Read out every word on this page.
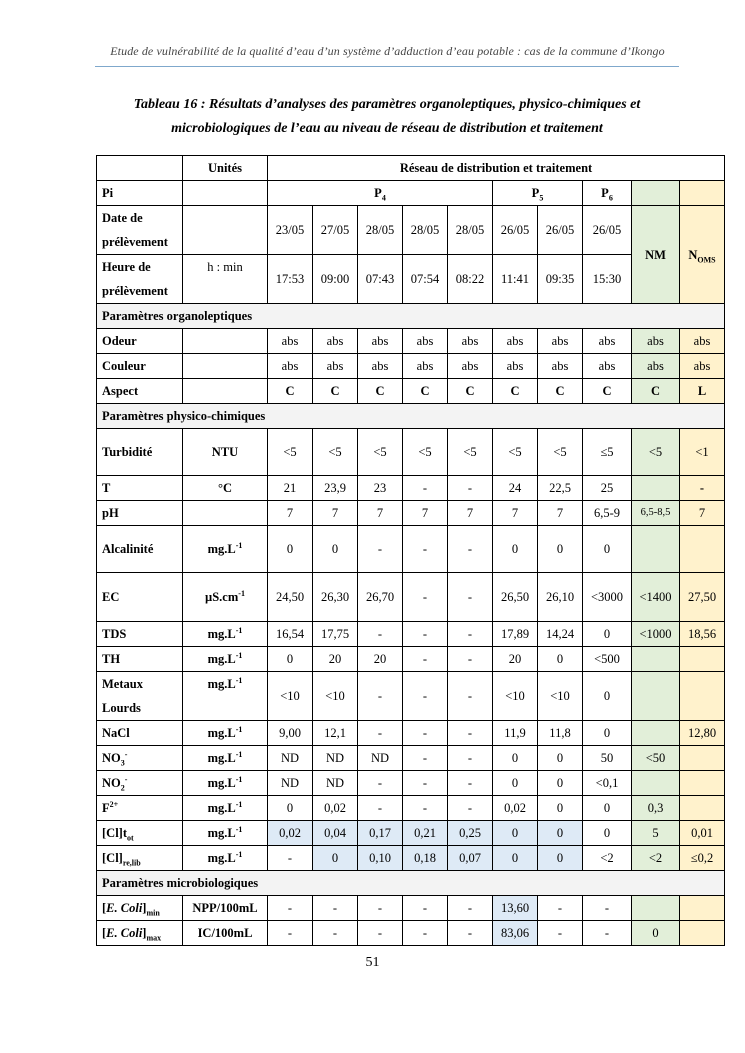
Etude de vulnérabilité de la qualité d’eau d’un système d’adduction d’eau potable : cas de la commune d’Ikongo
Tableau 16 : Résultats d’analyses des paramètres organoleptiques, physico-chimiques et
microbiologiques de l’eau au niveau de réseau de distribution et traitement
	Unités	Réseau de distribution et traitement									
Pi		$P_4$					$P_5$		$P_6$		
Date de prélèvement		23/05	27/05	28/05	28/05	28/05	26/05	26/05	26/05	NM	$N_{OMS}$
Heure de prélèvement	h : min	17:53	09:00	07:43	07:54	08:22	11:41	09:35	15:30		
Paramètres organoleptiques											
Odeur		abs	abs	abs	abs	abs	abs	abs	abs	abs	abs
Couleur		abs	abs	abs	abs	abs	abs	abs	abs	abs	abs
Aspect		C	C	C	C	C	C	C	C	C	L
Paramètres physico-chimiques											
Turbidité	NTU	<5	<5	<5	<5	<5	<5	<5	≤5	<5	<1
T	°C	21	23,9	23	-	-	24	22,5	25		-
pH		7	7	7	7	7	7	7	6,5-9	6,5-8,5	7
Alcalinité	$mg.L^{-1}$	0	0	-	-	-	0	0	0		
EC	$\mu S.cm^{-1}$	24,50	26,30	26,70	-	-	26,50	26,10	<3000	<1400	27,50
TDS	$mg.L^{-1}$	16,54	17,75	-	-	-	17,89	14,24	0	<1000	18,56
TH	$mg.L^{-1}$	0	20	20	-	-	20	0	<500		
Metaux Lourds	$mg.L^{-1}$	<10	<10	-	-	-	<10	<10	0		
NaCl	$mg.L^{-1}$	9,00	12,1	-	-	-	11,9	11,8	0		12,80
$NO_3^-$	$mg.L^{-1}$	ND	ND	ND	-	-	0	0	50	<50	
$NO_2^-$	$mg.L^{-1}$	ND	ND	-	-	-	0	0	<0,1		
$F^{2+}$	$mg.L^{-1}$	0	0,02	-	-	-	0,02	0	0	0,3	
$[Cl]t_{ot}$	$mg.L^{-1}$	0,02	0,04	0,17	0,21	0,25	0	0	0	5	0,01
$[Cl]_{re,lib}$	$mg.L^{-1}$	-	0	0,10	0,18	0,07	0	0	<2	<2	≤0,2
Paramètres microbiologiques											
[E. $Coli]_{min}$	NPP/100mL	-	-	-	-	-	13,60	-	-		
[E. $Coli]_{max}$	IC/100mL	-	-	-	-	-	83,06	-	-	0	
51
